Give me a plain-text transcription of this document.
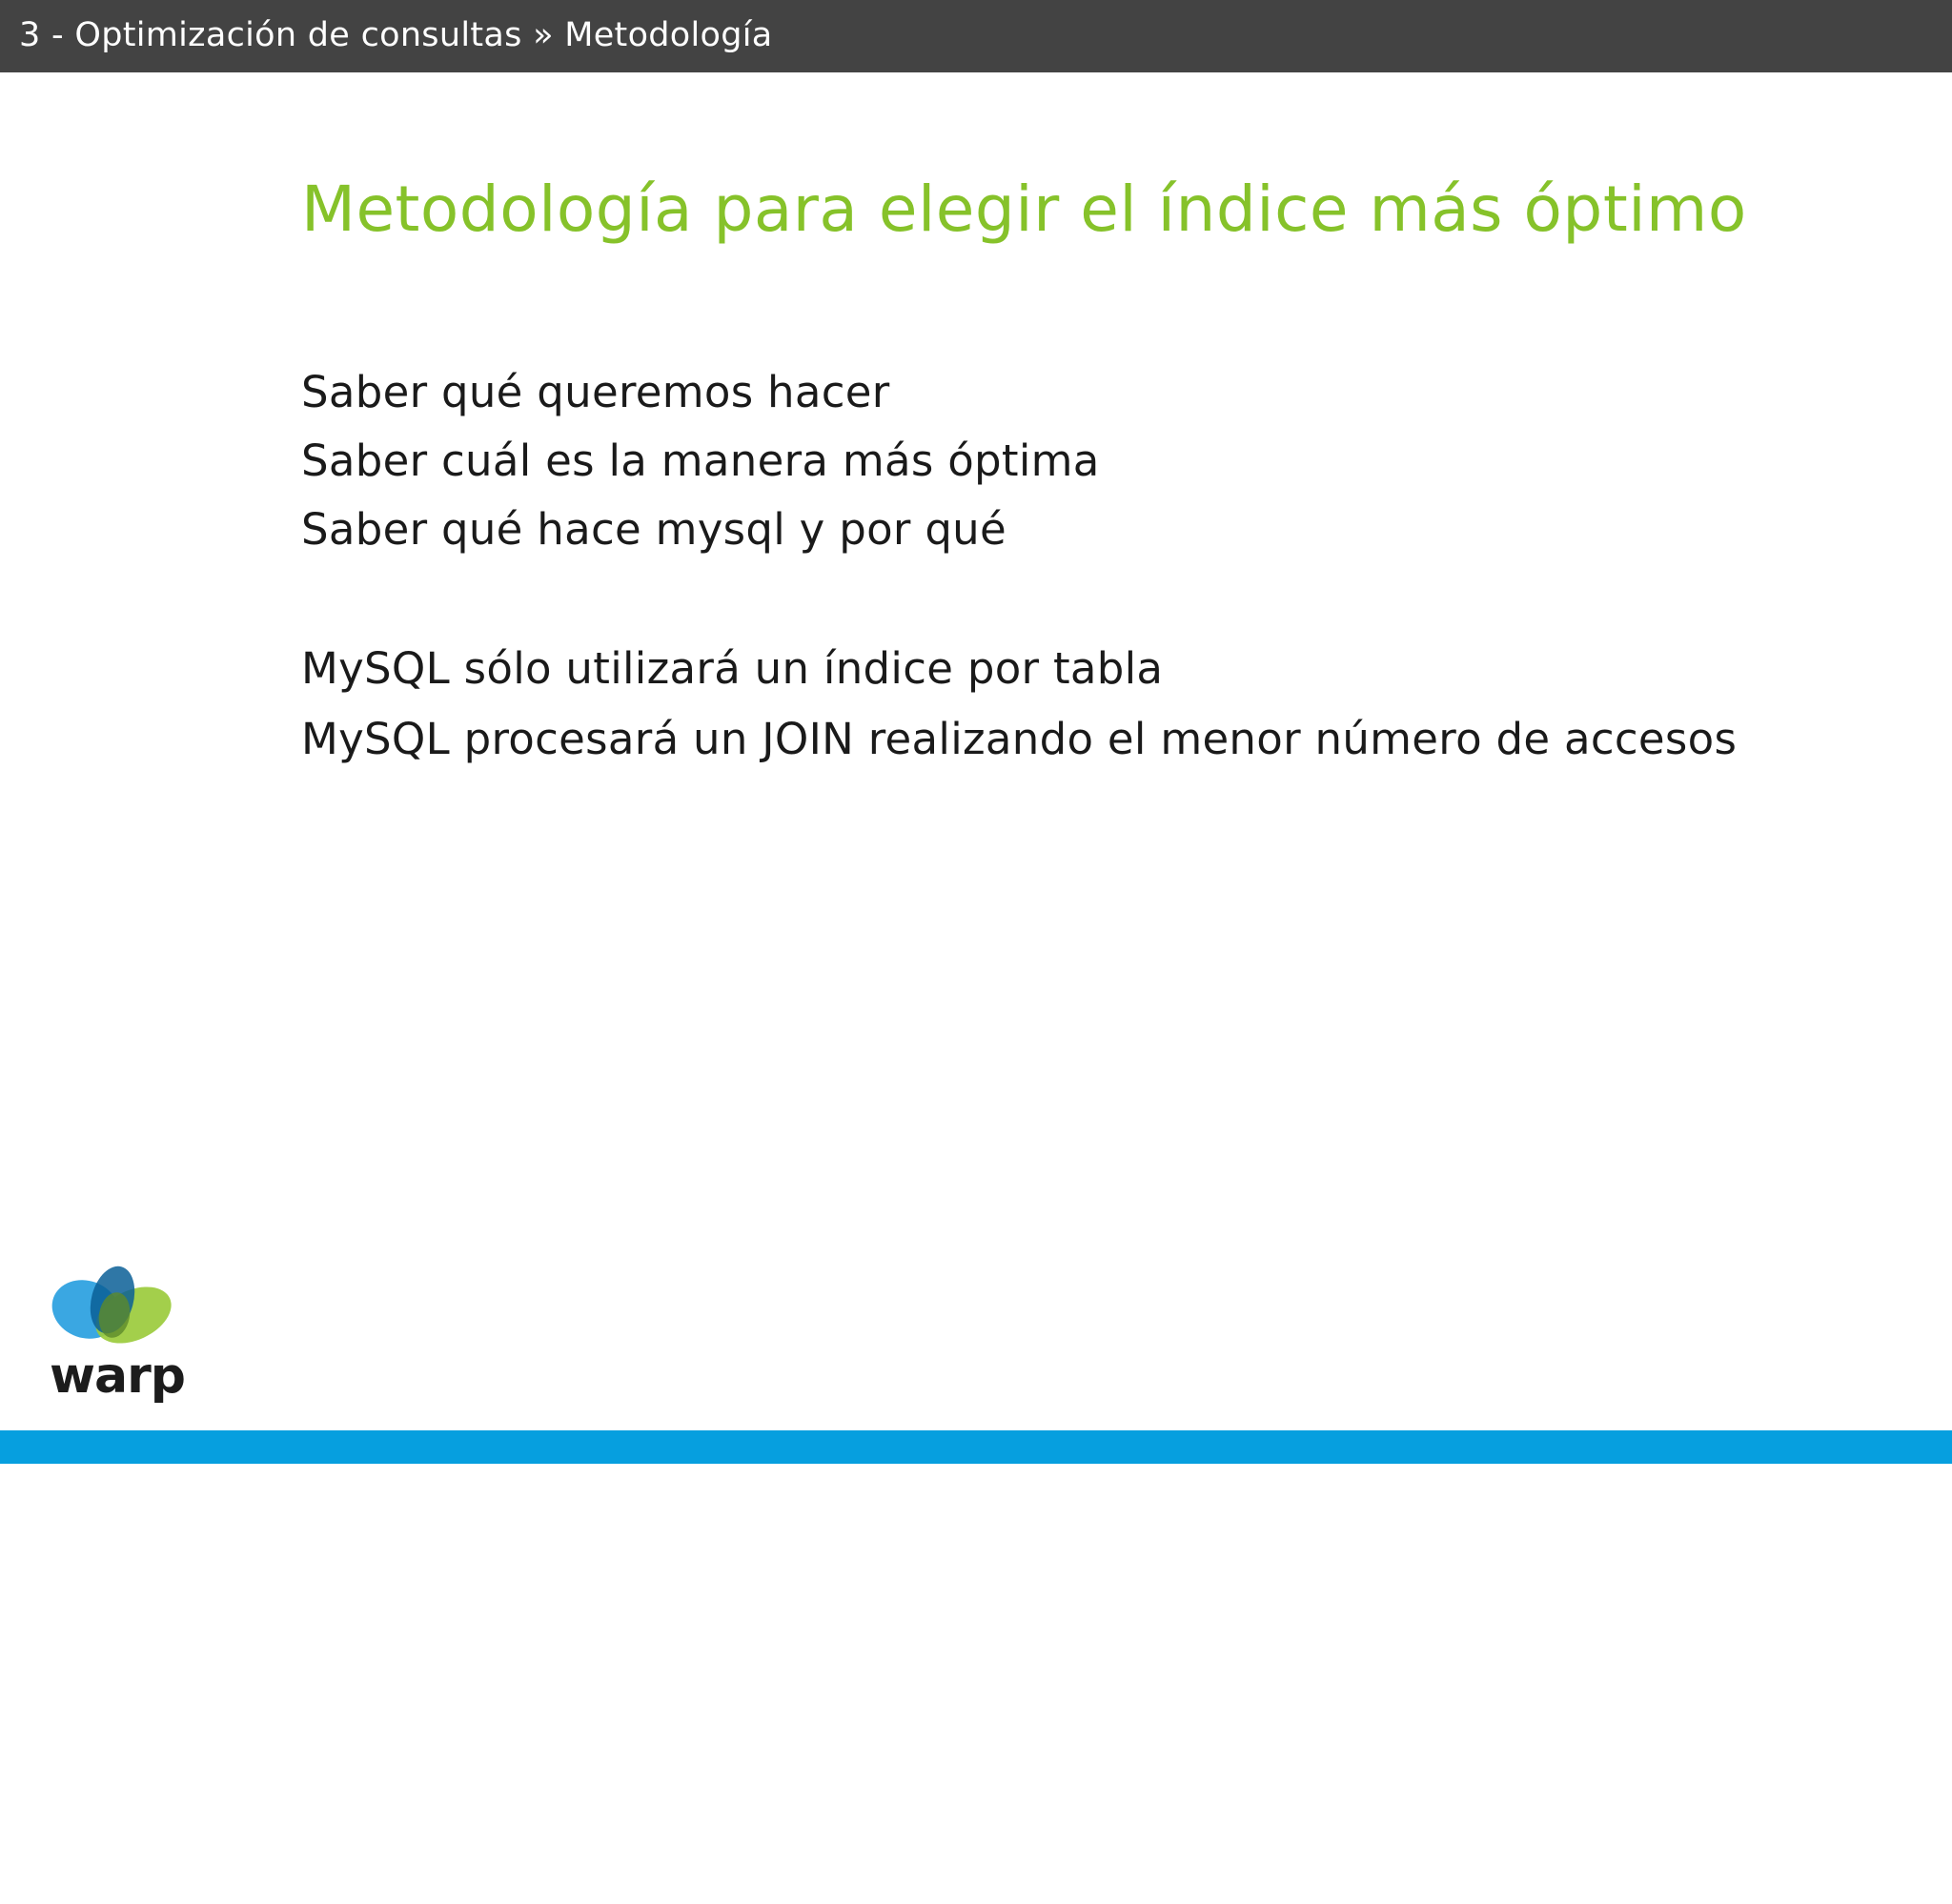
3 - Optimización de consultas » Metodología
Metodología para elegir el índice más óptimo
Saber qué queremos hacer
Saber cuál es la manera más óptima
Saber qué hace mysql y por qué
MySQL sólo utilizará un índice por tabla
MySQL procesará un JOIN realizando el menor número de accesos
warp
